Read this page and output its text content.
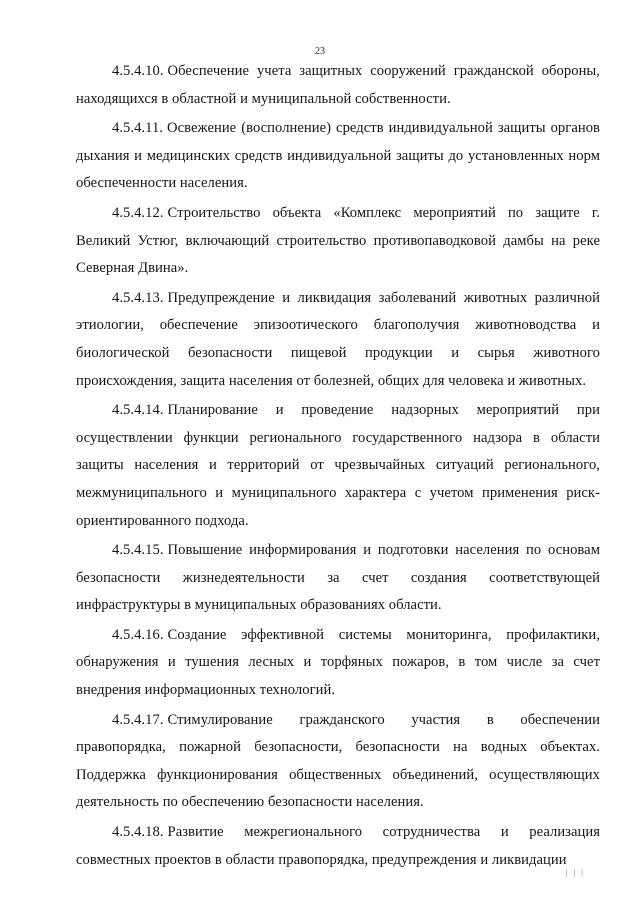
23

4.5.4.10. Обеспечение учета защитных сооружений гражданской обороны, находящихся в областной и муниципальной собственности.

4.5.4.11. Освежение (восполнение) средств индивидуальной защиты органов дыхания и медицинских средств индивидуальной защиты до установленных норм обеспеченности населения.

4.5.4.12. Строительство объекта «Комплекс мероприятий по защите г. Великий Устюг, включающий строительство противопаводковой дамбы на реке Северная Двина».

4.5.4.13. Предупреждение и ликвидация заболеваний животных различной этиологии, обеспечение эпизоотического благополучия животноводства и биологической безопасности пищевой продукции и сырья животного происхождения, защита населения от болезней, общих для человека и животных.

4.5.4.14. Планирование и проведение надзорных мероприятий при осуществлении функции регионального государственного надзора в области защиты населения и территорий от чрезвычайных ситуаций регионального, межмуниципального и муниципального характера с учетом применения риск-ориентированного подхода.

4.5.4.15. Повышение информирования и подготовки населения по основам безопасности жизнедеятельности за счет создания соответствующей инфраструктуры в муниципальных образованиях области.

4.5.4.16. Создание эффективной системы мониторинга, профилактики, обнаружения и тушения лесных и торфяных пожаров, в том числе за счет внедрения информационных технологий.

4.5.4.17. Стимулирование гражданского участия в обеспечении правопорядка, пожарной безопасности, безопасности на водных объектах. Поддержка функционирования общественных объединений, осуществляющих деятельность по обеспечению безопасности населения.

4.5.4.18. Развитие межрегионального сотрудничества и реализация совместных проектов в области правопорядка, предупреждения и ликвидации

| | |
